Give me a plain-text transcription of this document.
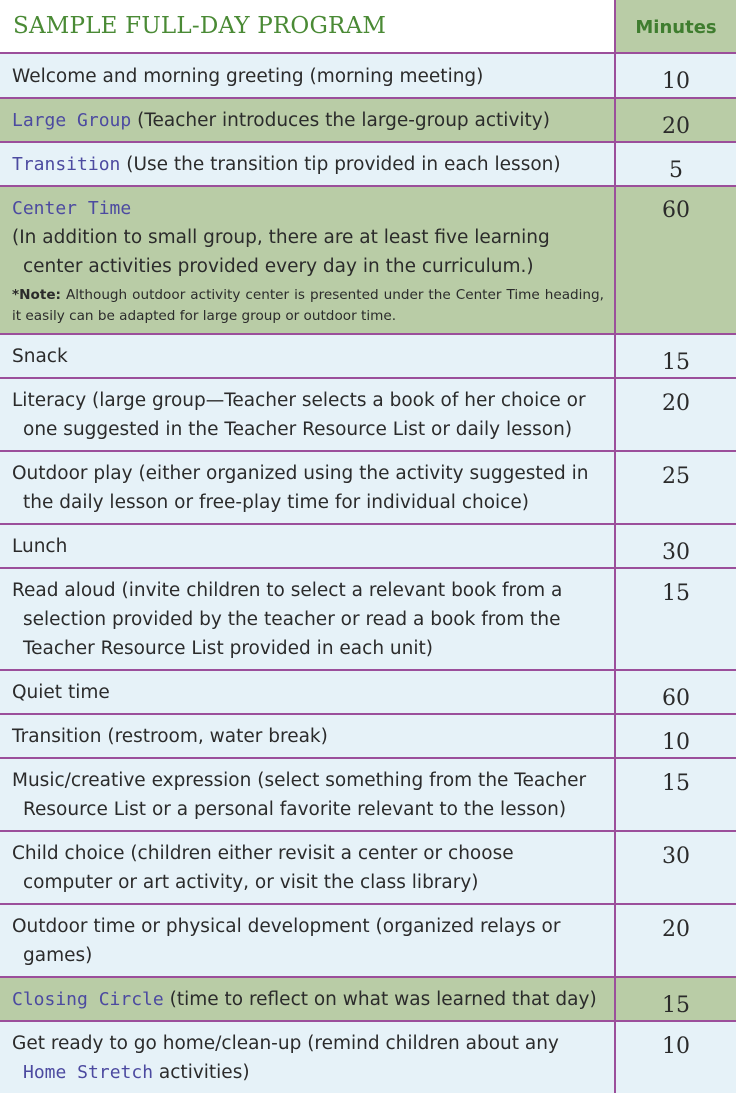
SAMPLE FULL-DAY PROGRAM	Minutes
Welcome and morning greeting (morning meeting)	10
Large Group (Teacher introduces the large-group activity)	20
Transition (Use the transition tip provided in each lesson)	5
Center Time
(In addition to small group, there are at least five learning
center activities provided every day in the curriculum.)
*Note: Although outdoor activity center is presented under the Center Time heading, it easily can be adapted for large group or outdoor time.	60
Snack	15
Literacy (large group—Teacher selects a book of her choice or
one suggested in the Teacher Resource List or daily lesson)	20
Outdoor play (either organized using the activity suggested in
the daily lesson or free-play time for individual choice)	25
Lunch	30
Read aloud (invite children to select a relevant book from a
selection provided by the teacher or read a book from the
Teacher Resource List provided in each unit)	15
Quiet time	60
Transition (restroom, water break)	10
Music/creative expression (select something from the Teacher
Resource List or a personal favorite relevant to the lesson)	15
Child choice (children either revisit a center or choose
computer or art activity, or visit the class library)	30
Outdoor time or physical development (organized relays or
games)	20
Closing Circle (time to reflect on what was learned that day)	15
Get ready to go home/clean-up (remind children about any
Home Stretch activities)	10
